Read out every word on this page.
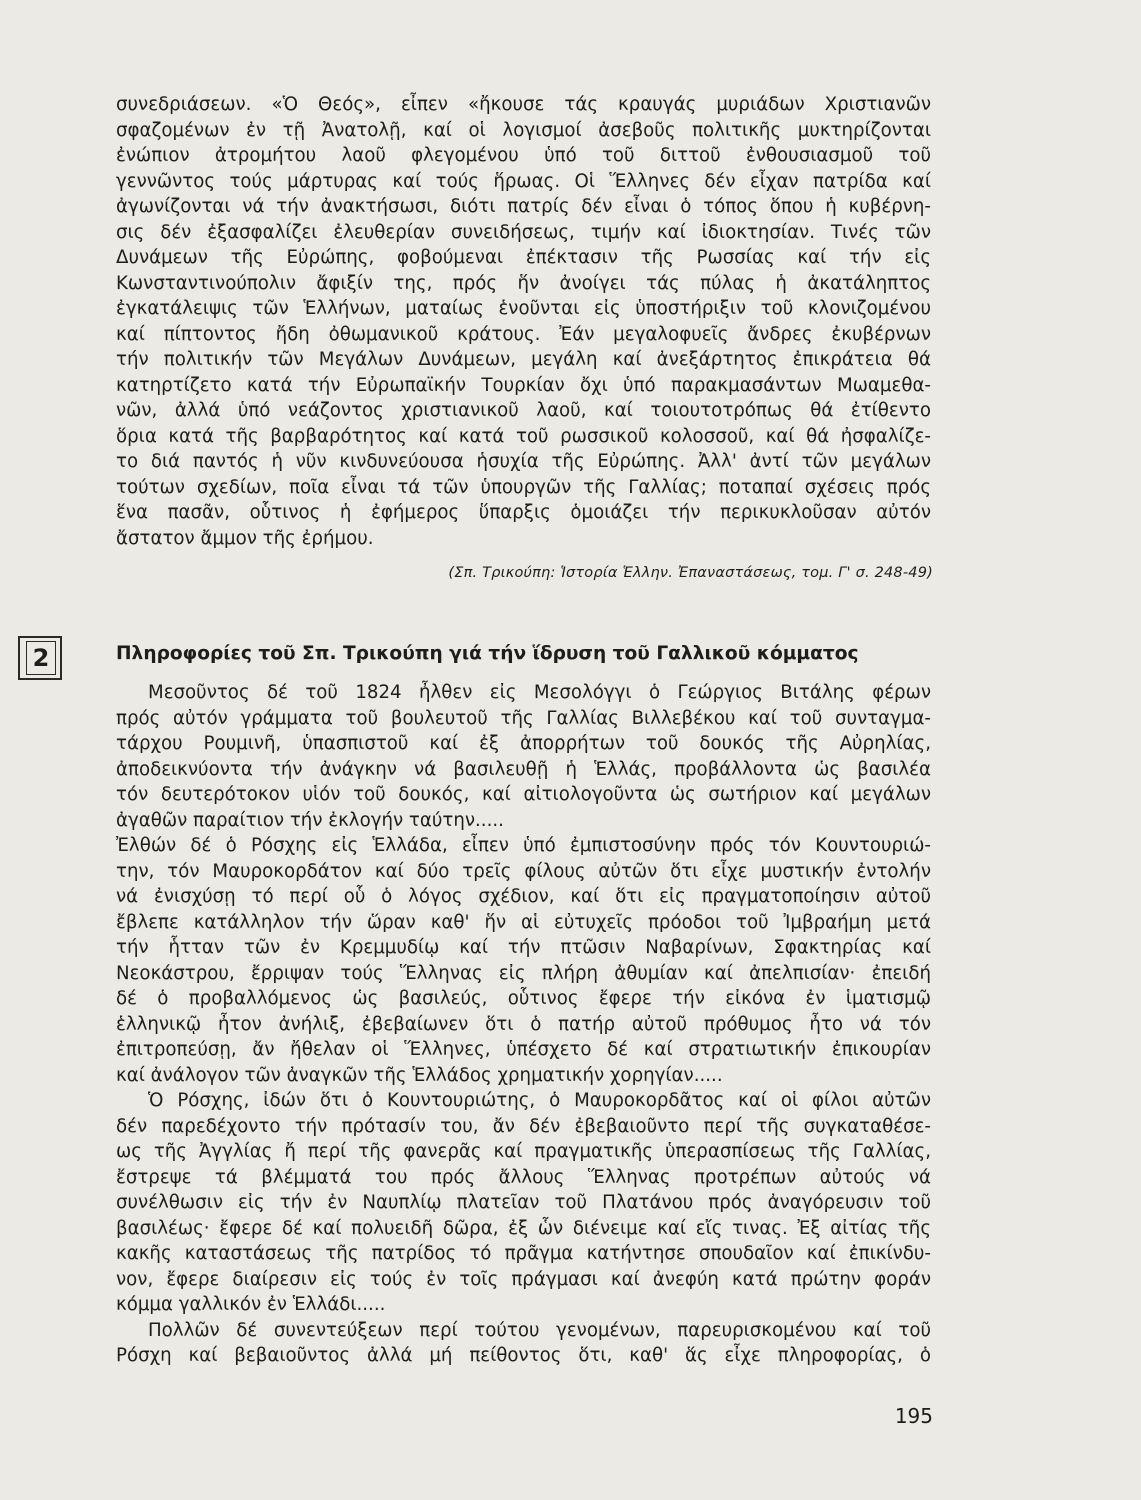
συνεδριάσεων. «Ὁ Θεός», εἶπεν «ἤκουσε τάς κραυγάς μυριάδων Χριστιανῶν
σφαζομένων ἐν τῇ Ἀνατολῇ, καί οἱ λογισμοί ἀσεβοῦς πολιτικῆς μυκτηρίζονται
ἐνώπιον ἀτρομήτου λαοῦ φλεγομένου ὑπό τοῦ διττοῦ ἐνθουσιασμοῦ τοῦ
γεννῶντος τούς μάρτυρας καί τούς ἥρωας. Οἱ Ἕλληνες δέν εἶχαν πατρίδα καί
ἀγωνίζονται νά τήν ἀνακτήσωσι, διότι πατρίς δέν εἶναι ὁ τόπος ὅπου ἡ κυβέρνη-
σις δέν ἐξασφαλίζει ἐλευθερίαν συνειδήσεως, τιμήν καί ἰδιοκτησίαν. Τινές τῶν
Δυνάμεων τῆς Εὐρώπης, φοβούμεναι ἐπέκτασιν τῆς Ρωσσίας καί τήν εἰς
Κωνσταντινούπολιν ἄφιξίν της, πρός ἥν ἀνοίγει τάς πύλας ἡ ἀκατάληπτος
ἐγκατάλειψις τῶν Ἑλλήνων, ματαίως ἑνοῦνται εἰς ὑποστήριξιν τοῦ κλονιζομένου
καί πίπτοντος ἤδη ὀθωμανικοῦ κράτους. Ἐάν μεγαλοφυεῖς ἄνδρες ἐκυβέρνων
τήν πολιτικήν τῶν Μεγάλων Δυνάμεων, μεγάλη καί ἀνεξάρτητος ἐπικράτεια θά
κατηρτίζετο κατά τήν Εὐρωπαϊκήν Τουρκίαν ὄχι ὑπό παρακμασάντων Μωαμεθα-
νῶν, ἀλλά ὑπό νεάζοντος χριστιανικοῦ λαοῦ, καί τοιουτοτρόπως θά ἐτίθεντο
ὅρια κατά τῆς βαρβαρότητος καί κατά τοῦ ρωσσικοῦ κολοσσοῦ, καί θά ἠσφαλίζε-
το διά παντός ἡ νῦν κινδυνεύουσα ἡσυχία τῆς Εὐρώπης. Ἀλλ' ἀντί τῶν μεγάλων
τούτων σχεδίων, ποῖα εἶναι τά τῶν ὑπουργῶν τῆς Γαλλίας; ποταπαί σχέσεις πρός
ἕνα πασᾶν, οὗτινος ἡ ἐφήμερος ὕπαρξις ὁμοιάζει τήν περικυκλοῦσαν αὐτόν
ἄστατον ἄμμον τῆς ἐρήμου.
(Σπ. Τρικούπη: Ἱστορία Ἑλλην. Ἐπαναστάσεως, τομ. Γ' σ. 248-49)
2	Πληροφορίες τοῦ Σπ. Τρικούπη γιά τήν ἵδρυση τοῦ Γαλλικοῦ κόμματος
Μεσοῦντος δέ τοῦ 1824 ἦλθεν εἰς Μεσολόγγι ὁ Γεώργιος Βιτάλης φέρων
πρός αὐτόν γράμματα τοῦ βουλευτοῦ τῆς Γαλλίας Βιλλεβέκου καί τοῦ συνταγμα-
τάρχου Ρουμινῆ, ὑπασπιστοῦ καί ἐξ ἀπορρήτων τοῦ δουκός τῆς Αὐρηλίας,
ἀποδεικνύοντα τήν ἀνάγκην νά βασιλευθῇ ἡ Ἑλλάς, προβάλλοντα ὡς βασιλέα
τόν δευτερότοκον υἱόν τοῦ δουκός, καί αἰτιολογοῦντα ὡς σωτήριον καί μεγάλων
ἀγαθῶν παραίτιον τήν ἐκλογήν ταύτην.....
Ἐλθών δέ ὁ Ρόσχης εἰς Ἑλλάδα, εἶπεν ὑπό ἐμπιστοσύνην πρός τόν Κουντουριώ-
την, τόν Μαυροκορδάτον καί δύο τρεῖς φίλους αὐτῶν ὅτι εἶχε μυστικήν ἐντολήν
νά ἐνισχύσῃ τό περί οὗ ὁ λόγος σχέδιον, καί ὅτι εἰς πραγματοποίησιν αὐτοῦ
ἔβλεπε κατάλληλον τήν ὥραν καθ' ἥν αἱ εὐτυχεῖς πρόοδοι τοῦ Ἰμβραήμη μετά
τήν ἧτταν τῶν ἐν Κρεμμυδίῳ καί τήν πτῶσιν Ναβαρίνων, Σφακτηρίας καί
Νεοκάστρου, ἔρριψαν τούς Ἕλληνας εἰς πλήρη ἀθυμίαν καί ἀπελπισίαν· ἐπειδή
δέ ὁ προβαλλόμενος ὡς βασιλεύς, οὗτινος ἔφερε τήν εἰκόνα ἐν ἱματισμῷ
ἑλληνικῷ ἦτον ἀνήλιξ, ἐβεβαίωνεν ὅτι ὁ πατήρ αὐτοῦ πρόθυμος ἦτο νά τόν
ἐπιτροπεύσῃ, ἄν ἤθελαν οἱ Ἕλληνες, ὑπέσχετο δέ καί στρατιωτικήν ἐπικουρίαν
καί ἀνάλογον τῶν ἀναγκῶν τῆς Ἑλλάδος χρηματικήν χορηγίαν.....
Ὁ Ρόσχης, ἰδών ὅτι ὁ Κουντουριώτης, ὁ Μαυροκορδᾶτος καί οἱ φίλοι αὐτῶν
δέν παρεδέχοντο τήν πρότασίν του, ἄν δέν ἐβεβαιοῦντο περί τῆς συγκαταθέσε-
ως τῆς Ἀγγλίας ἤ περί τῆς φανερᾶς καί πραγματικῆς ὑπερασπίσεως τῆς Γαλλίας,
ἔστρεψε τά βλέμματά του πρός ἄλλους Ἕλληνας προτρέπων αὐτούς νά
συνέλθωσιν εἰς τήν ἐν Ναυπλίῳ πλατεῖαν τοῦ Πλατάνου πρός ἀναγόρευσιν τοῦ
βασιλέως· ἔφερε δέ καί πολυειδῆ δῶρα, ἐξ ὧν διένειμε καί εἴς τινας. Ἐξ αἰτίας τῆς
κακῆς καταστάσεως τῆς πατρίδος τό πρᾶγμα κατήντησε σπουδαῖον καί ἐπικίνδυ-
νον, ἔφερε διαίρεσιν εἰς τούς ἐν τοῖς πράγμασι καί ἀνεφύη κατά πρώτην φοράν
κόμμα γαλλικόν ἐν Ἑλλάδι.....
Πολλῶν δέ συνεντεύξεων περί τούτου γενομένων, παρευρισκομένου καί τοῦ
Ρόσχη καί βεβαιοῦντος ἀλλά μή πείθοντος ὅτι, καθ' ἅς εἶχε πληροφορίας, ὁ
195
